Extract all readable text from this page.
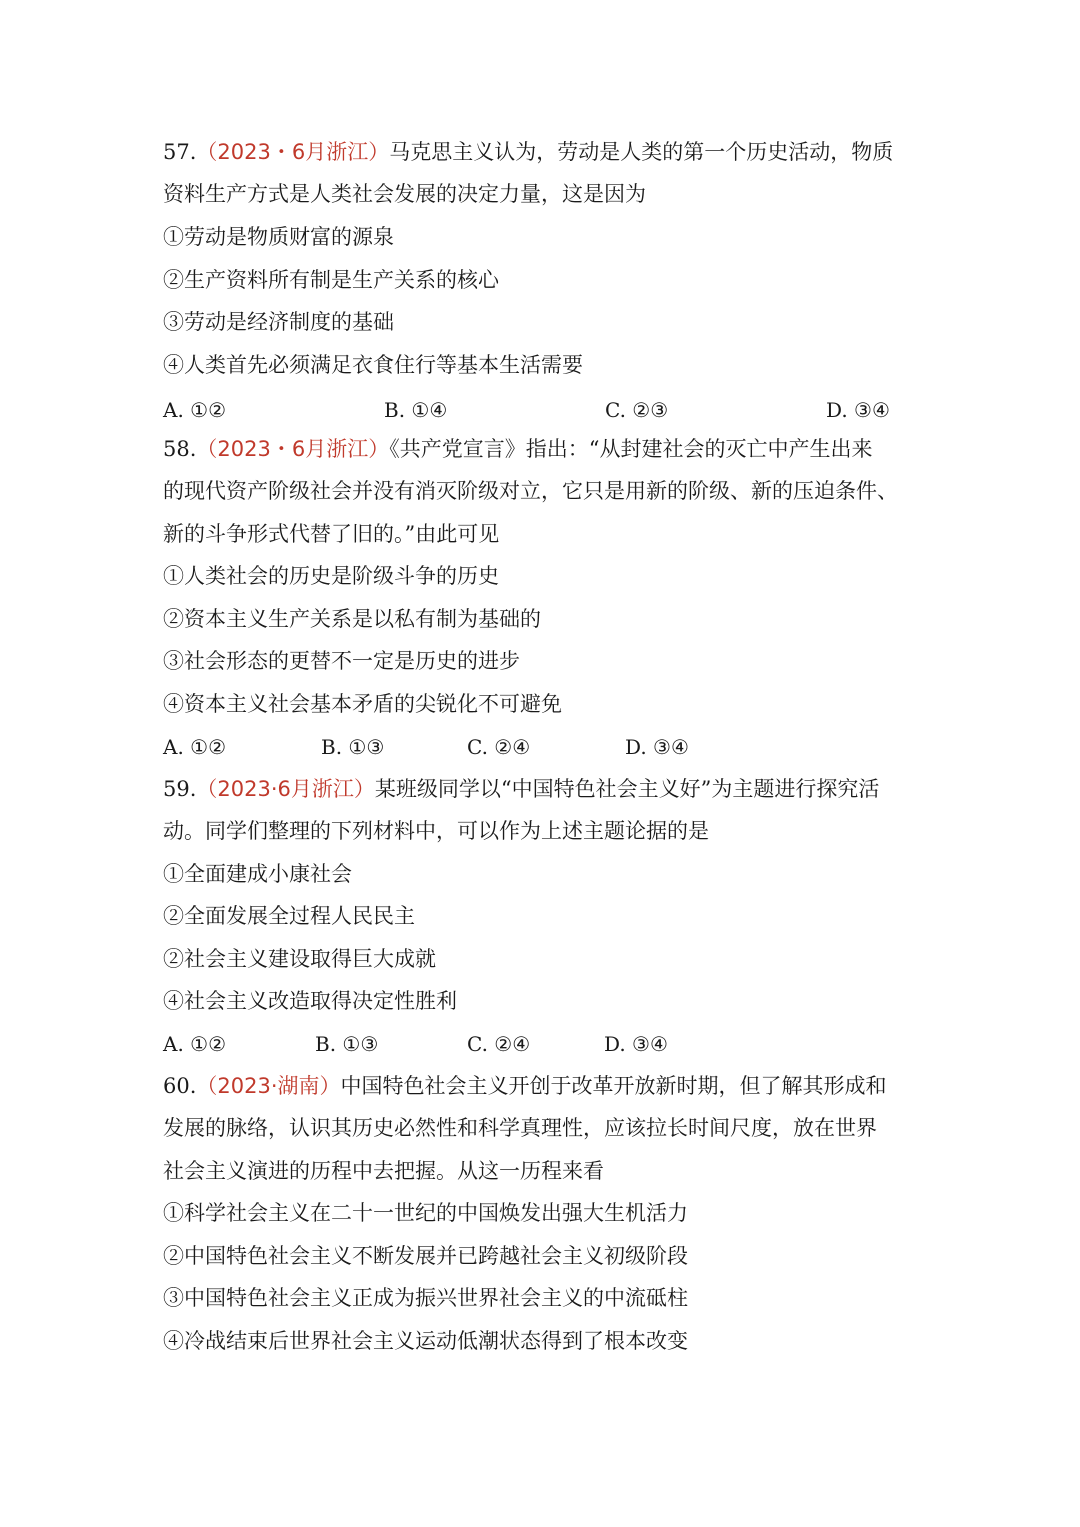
57.（2023・6月浙江）马克思主义认为，劳动是人类的第一个历史活动，物质
资料生产方式是人类社会发展的决定力量，这是因为
①劳动是物质财富的源泉
②生产资料所有制是生产关系的核心
③劳动是经济制度的基础
④人类首先必须满足衣食住行等基本生活需要
A. ①②	B. ①④	C. ②③	D. ③④
58.（2023・6月浙江）《共产党宣言》指出：“从封建社会的灭亡中产生出来
的现代资产阶级社会并没有消灭阶级对立，它只是用新的阶级、新的压迫条件、
新的斗争形式代替了旧的。”由此可见
①人类社会的历史是阶级斗争的历史
②资本主义生产关系是以私有制为基础的
③社会形态的更替不一定是历史的进步
④资本主义社会基本矛盾的尖锐化不可避免
A. ①②	B. ①③	C. ②④	D. ③④
59.（2023·6月浙江）某班级同学以“中国特色社会主义好”为主题进行探究活
动。同学们整理的下列材料中，可以作为上述主题论据的是
①全面建成小康社会
②全面发展全过程人民民主
②社会主义建设取得巨大成就
④社会主义改造取得决定性胜利
A. ①②	B. ①③	C. ②④	D. ③④
60.（2023·湖南）中国特色社会主义开创于改革开放新时期，但了解其形成和
发展的脉络，认识其历史必然性和科学真理性，应该拉长时间尺度，放在世界
社会主义演进的历程中去把握。从这一历程来看
①科学社会主义在二十一世纪的中国焕发出强大生机活力
②中国特色社会主义不断发展并已跨越社会主义初级阶段
③中国特色社会主义正成为振兴世界社会主义的中流砥柱
④冷战结束后世界社会主义运动低潮状态得到了根本改变
